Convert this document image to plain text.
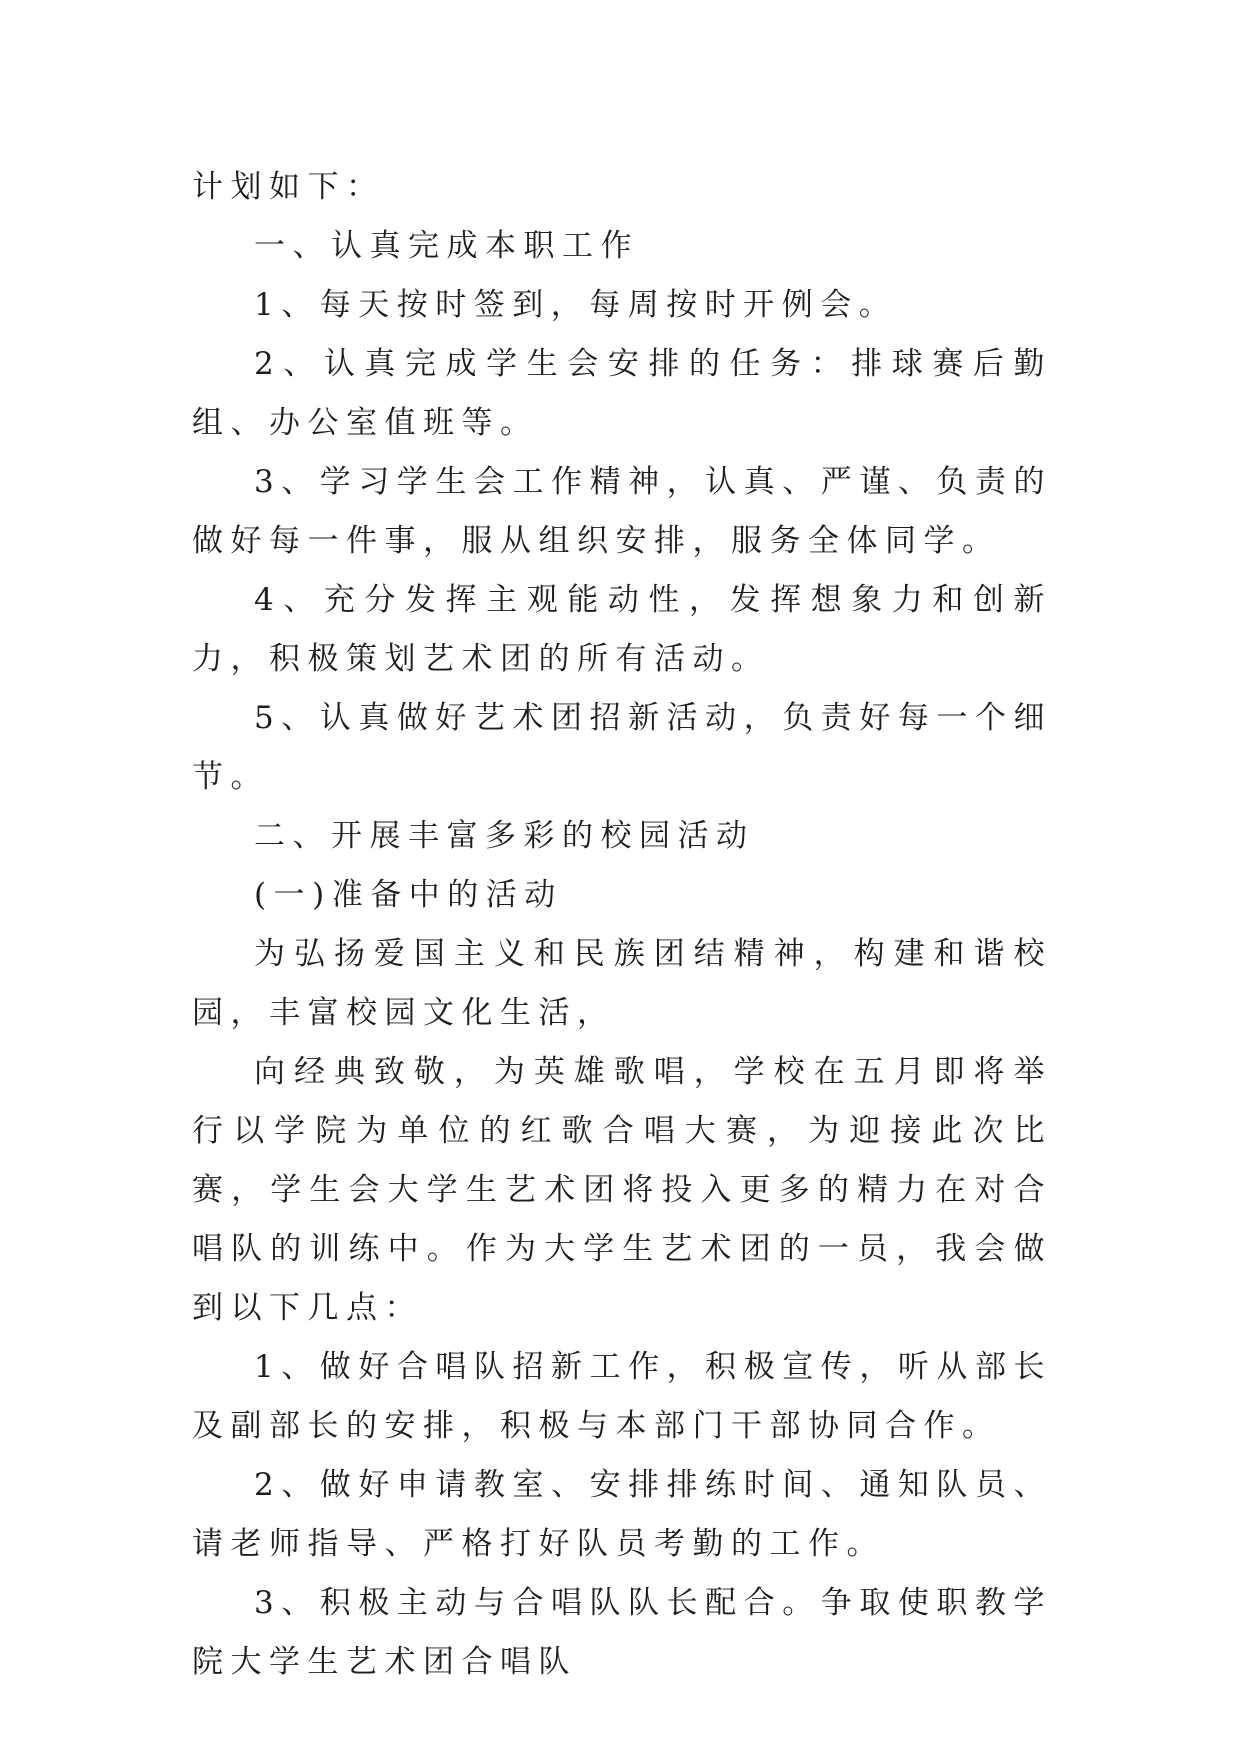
计划如下：

一、认真完成本职工作

1、每天按时签到，每周按时开例会。

2、认真完成学生会安排的任务：排球赛后勤组、办公室值班等。

3、学习学生会工作精神，认真、严谨、负责的做好每一件事，服从组织安排，服务全体同学。

4、充分发挥主观能动性，发挥想象力和创新力，积极策划艺术团的所有活动。

5、认真做好艺术团招新活动，负责好每一个细节。

二、开展丰富多彩的校园活动

(一)准备中的活动

为弘扬爱国主义和民族团结精神，构建和谐校园，丰富校园文化生活，

向经典致敬，为英雄歌唱，学校在五月即将举行以学院为单位的红歌合唱大赛，为迎接此次比赛，学生会大学生艺术团将投入更多的精力在对合唱队的训练中。作为大学生艺术团的一员，我会做到以下几点：

1、做好合唱队招新工作，积极宣传，听从部长及副部长的安排，积极与本部门干部协同合作。

2、做好申请教室、安排排练时间、通知队员、请老师指导、严格打好队员考勤的工作。

3、积极主动与合唱队队长配合。争取使职教学院大学生艺术团合唱队
